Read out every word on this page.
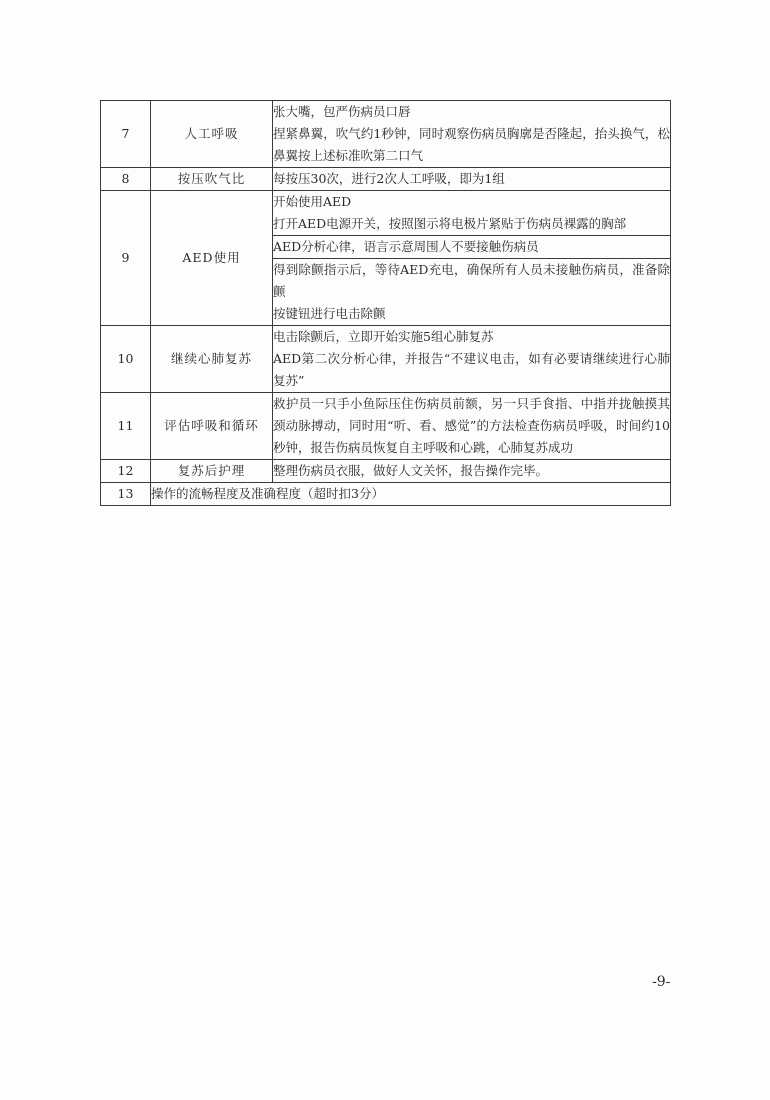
7	人工呼吸	张大嘴，包严伤病员口唇
捏紧鼻翼，吹气约1秒钟，同时观察伤病员胸廓是否隆起，抬头换气，松鼻翼按上述标准吹第二口气

8	按压吹气比	每按压30次，进行2次人工呼吸，即为1组

9	AED使用	开始使用AED
打开AED电源开关，按照图示将电极片紧贴于伤病员裸露的胸部

		AED分析心律，语言示意周围人不要接触伤病员

		得到除颤指示后，等待AED充电，确保所有人员未接触伤病员，准备除颤
按键钮进行电击除颤

10	继续心肺复苏	电击除颤后，立即开始实施5组心肺复苏
AED第二次分析心律，并报告“不建议电击，如有必要请继续进行心肺复苏”

11	评估呼吸和循环	救护员一只手小鱼际压住伤病员前额，另一只手食指、中指并拢触摸其颈动脉搏动，同时用“听、看、感觉”的方法检查伤病员呼吸，时间约10秒钟，报告伤病员恢复自主呼吸和心跳，心肺复苏成功

12	复苏后护理	整理伤病员衣服，做好人文关怀，报告操作完毕。

13	操作的流畅程度及准确程度（超时扣3分）	
-9-
